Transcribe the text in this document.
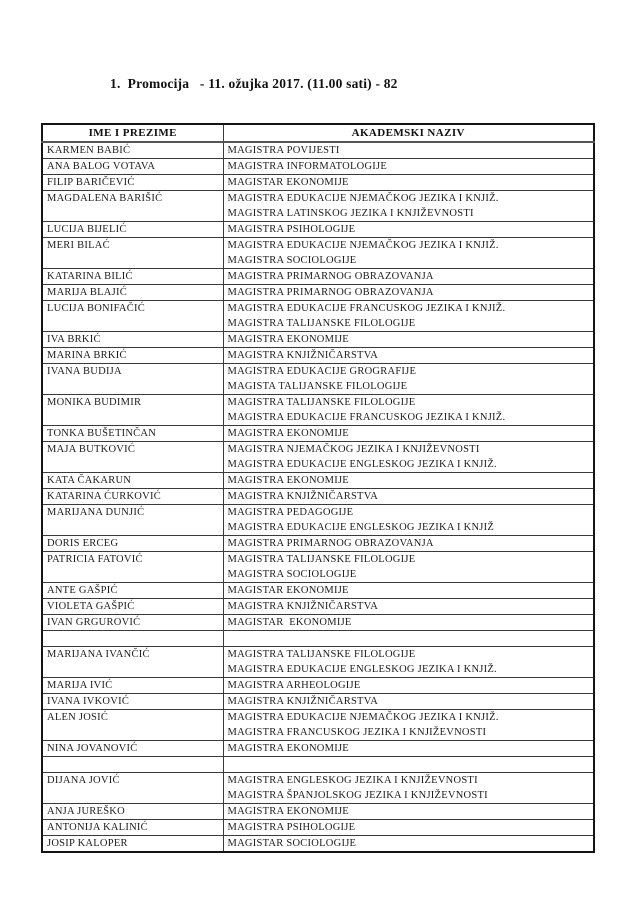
1.  Promocija   - 11. ožujka 2017. (11.00 sati) - 82
IME I PREZIME	AKADEMSKI NAZIV
KARMEN BABIĆ	MAGISTRA POVIJESTI

ANA BALOG VOTAVA	MAGISTRA INFORMATOLOGIJE

FILIP BARIČEVIĆ	MAGISTAR EKONOMIJE

MAGDALENA BARIŠIĆ	MAGISTRA EDUKACIJE NJEMAČKOG JEZIKA I KNJIŽ.
MAGISTRA LATINSKOG JEZIKA I KNJIŽEVNOSTI

LUCIJA BIJELIĆ	MAGISTRA PSIHOLOGIJE

MERI BILAĆ	MAGISTRA EDUKACIJE NJEMAČKOG JEZIKA I KNJIŽ.
MAGISTRA SOCIOLOGIJE

KATARINA BILIĆ	MAGISTRA PRIMARNOG OBRAZOVANJA

MARIJA BLAJIĆ	MAGISTRA PRIMARNOG OBRAZOVANJA

LUCIJA BONIFAČIĆ	MAGISTRA EDUKACIJE FRANCUSKOG JEZIKA I KNJIŽ.
MAGISTRA TALIJANSKE FILOLOGIJE

IVA BRKIĆ	MAGISTRA EKONOMIJE

MARINA BRKIĆ	MAGISTRA KNJIŽNIČARSTVA

IVANA BUDIJA	MAGISTRA EDUKACIJE GROGRAFIJE
MAGISTA TALIJANSKE FILOLOGIJE

MONIKA BUDIMIR	MAGISTRA TALIJANSKE FILOLOGIJE
MAGISTRA EDUKACIJE FRANCUSKOG JEZIKA I KNJIŽ.

TONKA BUŠETINČAN	MAGISTRA EKONOMIJE

MAJA BUTKOVIĆ	MAGISTRA NJEMAČKOG JEZIKA I KNJIŽEVNOSTI
MAGISTRA EDUKACIJE ENGLESKOG JEZIKA I KNJIŽ.

KATA ČAKARUN	MAGISTRA EKONOMIJE

KATARINA ĆURKOVIĆ	MAGISTRA KNJIŽNIČARSTVA

MARIJANA DUNJIĆ	MAGISTRA PEDAGOGIJE
MAGISTRA EDUKACIJE ENGLESKOG JEZIKA I KNJIŽ

DORIS ERCEG	MAGISTRA PRIMARNOG OBRAZOVANJA

PATRICIA FATOVIĆ	MAGISTRA TALIJANSKE FILOLOGIJE
MAGISTRA SOCIOLOGIJE

ANTE GAŠPIĆ	MAGISTAR EKONOMIJE

VIOLETA GAŠPIĆ	MAGISTRA KNJIŽNIČARSTVA

IVAN GRGUROVIĆ	MAGISTAR  EKONOMIJE

MARIJANA IVANČIĆ	MAGISTRA TALIJANSKE FILOLOGIJE
MAGISTRA EDUKACIJE ENGLESKOG JEZIKA I KNJIŽ.

MARIJA IVIĆ	MAGISTRA ARHEOLOGIJE

IVANA IVKOVIĆ	MAGISTRA KNJIŽNIČARSTVA

ALEN JOSIĆ	MAGISTRA EDUKACIJE NJEMAČKOG JEZIKA I KNJIŽ.
MAGISTRA FRANCUSKOG JEZIKA I KNJIŽEVNOSTI

NINA JOVANOVIĆ	MAGISTRA EKONOMIJE

DIJANA JOVIĆ	MAGISTRA ENGLESKOG JEZIKA I KNJIŽEVNOSTI
MAGISTRA ŠPANJOLSKOG JEZIKA I KNJIŽEVNOSTI

ANJA JUREŠKO	MAGISTRA EKONOMIJE

ANTONIJA KALINIĆ	MAGISTRA PSIHOLOGIJE

JOSIP KALOPER	MAGISTAR SOCIOLOGIJE
